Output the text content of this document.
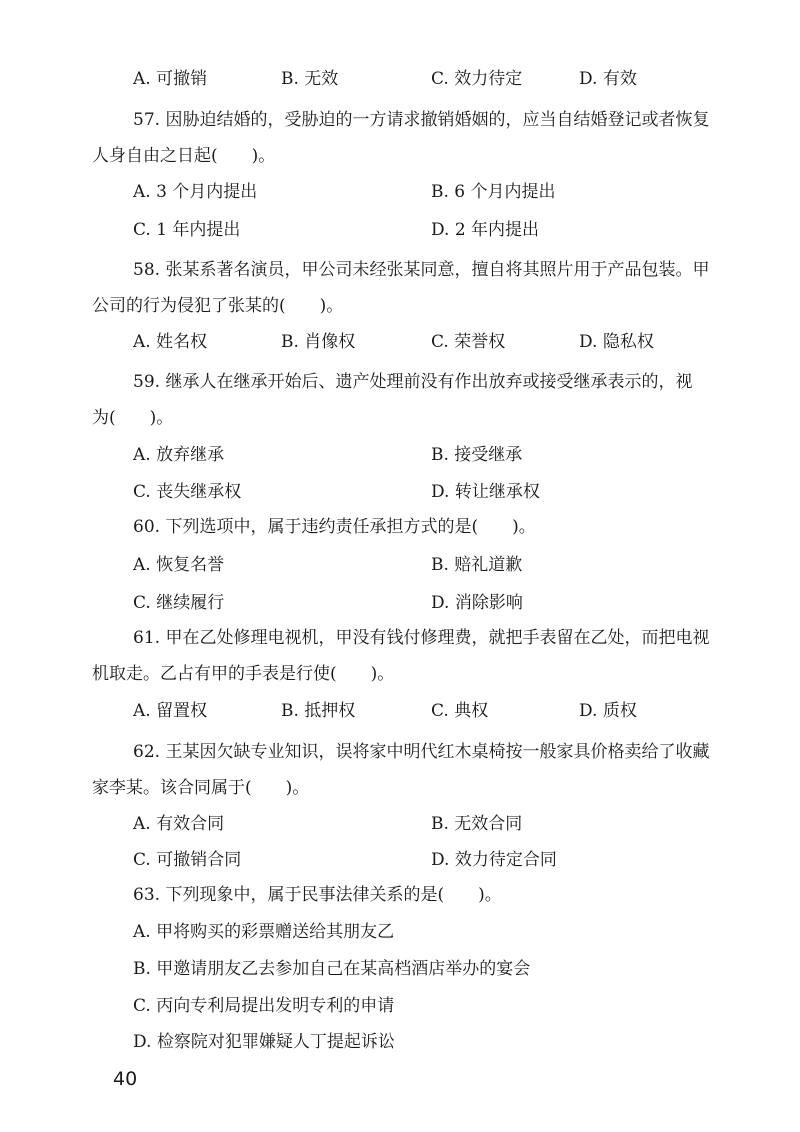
A. 可撤销	B. 无效	C. 效力待定	D. 有效
57. 因胁迫结婚的，受胁迫的一方请求撤销婚姻的，应当自结婚登记或者恢复
人身自由之日起(　　)。
A. 3 个月内提出	B. 6 个月内提出
C. 1 年内提出	D. 2 年内提出
58. 张某系著名演员，甲公司未经张某同意，擅自将其照片用于产品包装。甲
公司的行为侵犯了张某的(　　)。
A. 姓名权	B. 肖像权	C. 荣誉权	D. 隐私权
59. 继承人在继承开始后、遗产处理前没有作出放弃或接受继承表示的，视
为(　　)。
A. 放弃继承	B. 接受继承
C. 丧失继承权	D. 转让继承权
60. 下列选项中，属于违约责任承担方式的是(　　)。
A. 恢复名誉	B. 赔礼道歉
C. 继续履行	D. 消除影响
61. 甲在乙处修理电视机，甲没有钱付修理费，就把手表留在乙处，而把电视
机取走。乙占有甲的手表是行使(　　)。
A. 留置权	B. 抵押权	C. 典权	D. 质权
62. 王某因欠缺专业知识，误将家中明代红木桌椅按一般家具价格卖给了收藏
家李某。该合同属于(　　)。
A. 有效合同	B. 无效合同
C. 可撤销合同	D. 效力待定合同
63. 下列现象中，属于民事法律关系的是(　　)。
A. 甲将购买的彩票赠送给其朋友乙
B. 甲邀请朋友乙去参加自己在某高档酒店举办的宴会
C. 丙向专利局提出发明专利的申请
D. 检察院对犯罪嫌疑人丁提起诉讼
40
